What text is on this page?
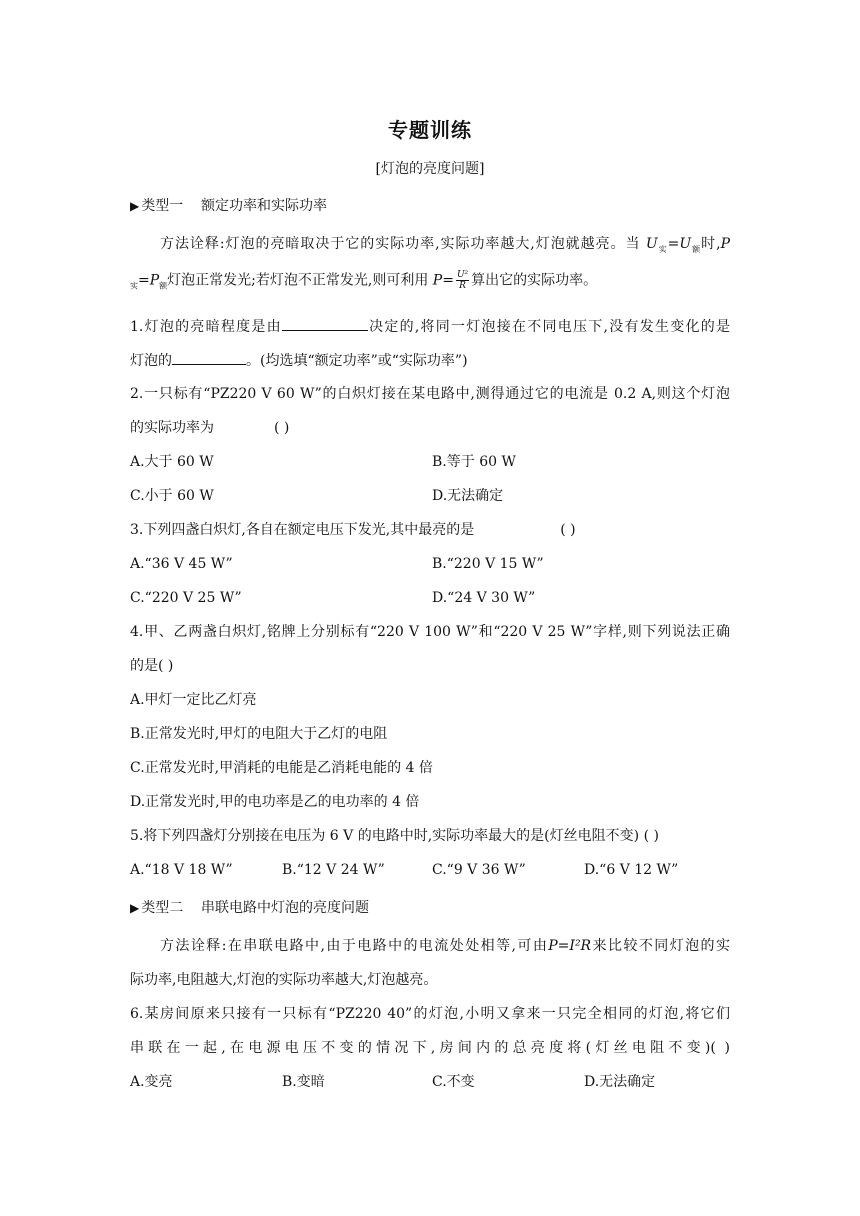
专题训练
[灯泡的亮度问题]
▶ 类型一 额定功率和实际功率
方法诠释:灯泡的亮暗取决于它的实际功率,实际功率越大,灯泡就越亮。当 $U_实=U_额$时,P
$_实=P_额$灯泡正常发光;若灯泡不正常发光,则可利用 $P= \frac{\text{U²}}{R}$ 算出它的实际功率。
1.灯泡的亮暗程度是由	决定的,将同一灯泡接在不同电压下,没有发生变化的是
灯泡的	。(均选填“额定功率”或“实际功率”)
2.一只标有“PZ220 V 60 W”的白炽灯接在某电路中,测得通过它的电流是 0.2 A,则这个灯泡
的实际功率为	( )
A.大于 60 W	B.等于 60 W
C.小于 60 W	D.无法确定
3.下列四盏白炽灯,各自在额定电压下发光,其中最亮的是	( )
A.“36 V 45 W”	B.“220 V 15 W”
C.“220 V 25 W”	D.“24 V 30 W”
4.甲、乙两盏白炽灯,铭牌上分别标有“220 V 100 W”和“220 V 25 W”字样,则下列说法正确
的是( )
A.甲灯一定比乙灯亮
B.正常发光时,甲灯的电阻大于乙灯的电阻
C.正常发光时,甲消耗的电能是乙消耗电能的 4 倍
D.正常发光时,甲的电功率是乙的电功率的 4 倍
5.将下列四盏灯分别接在电压为 6 V 的电路中时,实际功率最大的是(灯丝电阻不变) ( )
A.“18 V 18 W”	B.“12 V 24 W”	C.“9 V 36 W”	D.“6 V 12 W”
▶ 类型二 串联电路中灯泡的亮度问题
方法诠释:在串联电路中,由于电路中的电流处处相等,可由P=I²R来比较不同灯泡的实
际功率,电阻越大,灯泡的实际功率越大,灯泡越亮。
6.某房间原来只接有一只标有“PZ220 40”的灯泡,小明又拿来一只完全相同的灯泡,将它们
串联在一起,在电源电压不变的情况下,房间内的总亮度将(灯丝电阻不变)( )
A.变亮	B.变暗	C.不变	D.无法确定
